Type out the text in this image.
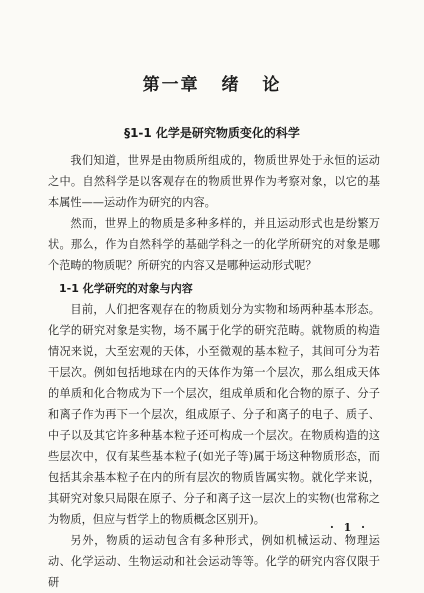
第一章 绪 论
§1-1 化学是研究物质变化的科学

我们知道，世界是由物质所组成的，物质世界处于永恒的运动之中。自然科学是以客观存在的物质世界作为考察对象，以它的基本属性——运动作为研究的内容。

然而，世界上的物质是多种多样的，并且运动形式也是纷繁万状。那么，作为自然科学的基础学科之一的化学所研究的对象是哪个范畴的物质呢？所研究的内容又是哪种运动形式呢？

1-1 化学研究的对象与内容

目前，人们把客观存在的物质划分为实物和场两种基本形态。化学的研究对象是实物，场不属于化学的研究范畴。就物质的构造情况来说，大至宏观的天体，小至微观的基本粒子，其间可分为若干层次。例如包括地球在内的天体作为第一个层次，那么组成天体的单质和化合物成为下一个层次，组成单质和化合物的原子、分子和离子作为再下一个层次，组成原子、分子和离子的电子、质子、中子以及其它许多种基本粒子还可构成一个层次。在物质构造的这些层次中，仅有某些基本粒子(如光子等)属于场这种物质形态，而包括其余基本粒子在内的所有层次的物质皆属实物。就化学来说，其研究对象只局限在原子、分子和离子这一层次上的实物(也常称之为物质，但应与哲学上的物质概念区别开)。

另外，物质的运动包含有多种形式，例如机械运动、物理运动、化学运动、生物运动和社会运动等等。化学的研究内容仅限于研

· 1 ·
